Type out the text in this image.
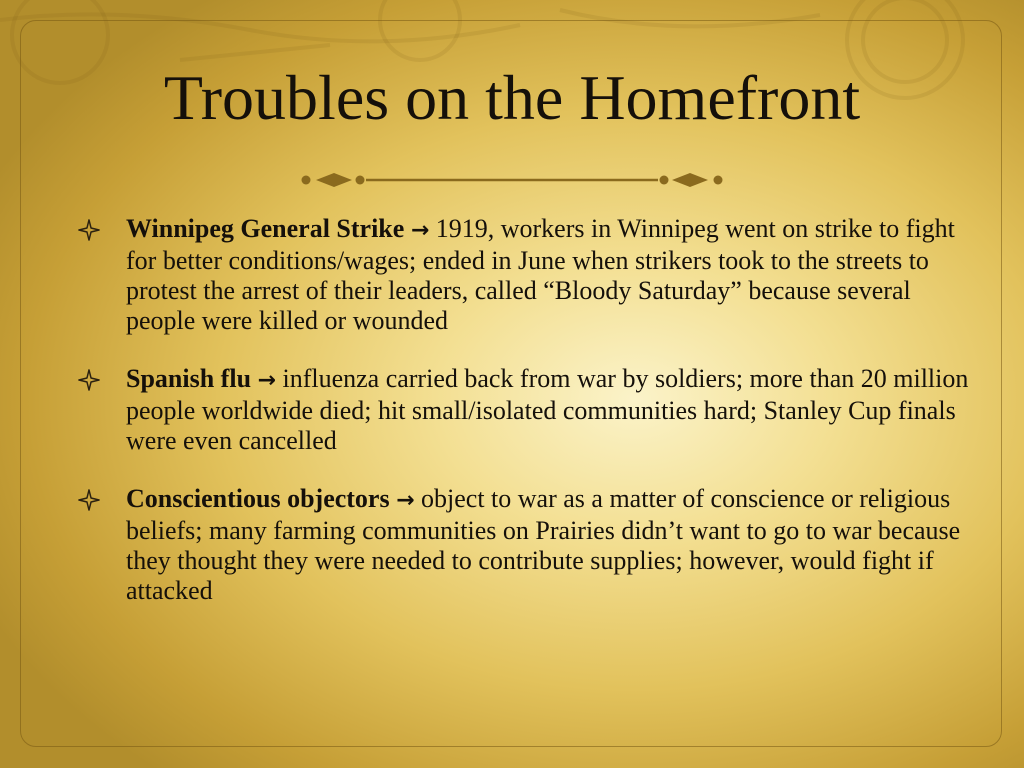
Troubles on the Homefront
Winnipeg General Strike → 1919, workers in Winnipeg went on strike to fight for better conditions/wages; ended in June when strikers took to the streets to protest the arrest of their leaders, called “Bloody Saturday” because several people were killed or wounded
Spanish flu → influenza carried back from war by soldiers; more than 20 million people worldwide died; hit small/isolated communities hard; Stanley Cup finals were even cancelled
Conscientious objectors → object to war as a matter of conscience or religious beliefs; many farming communities on Prairies didn’t want to go to war because they thought they were needed to contribute supplies; however, would fight if attacked
